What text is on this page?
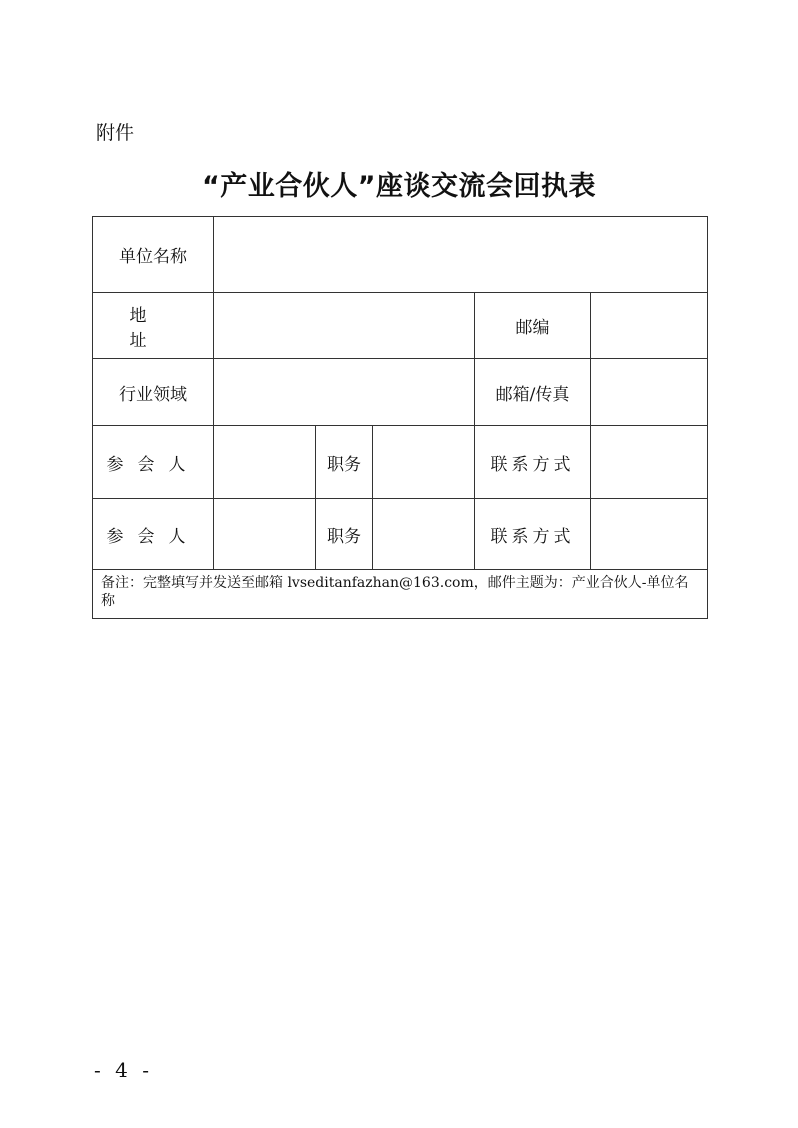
附件
“产业合伙人”座谈交流会回执表
单位名称					
地　址				邮编	
行业领域				邮箱/传真	
参会人		职务		联系方式	
参会人		职务		联系方式	
备注：完整填写并发送至邮箱 lvseditanfazhan@163.com，邮件主题为：产业合伙人-单位名称					
- 4 -
